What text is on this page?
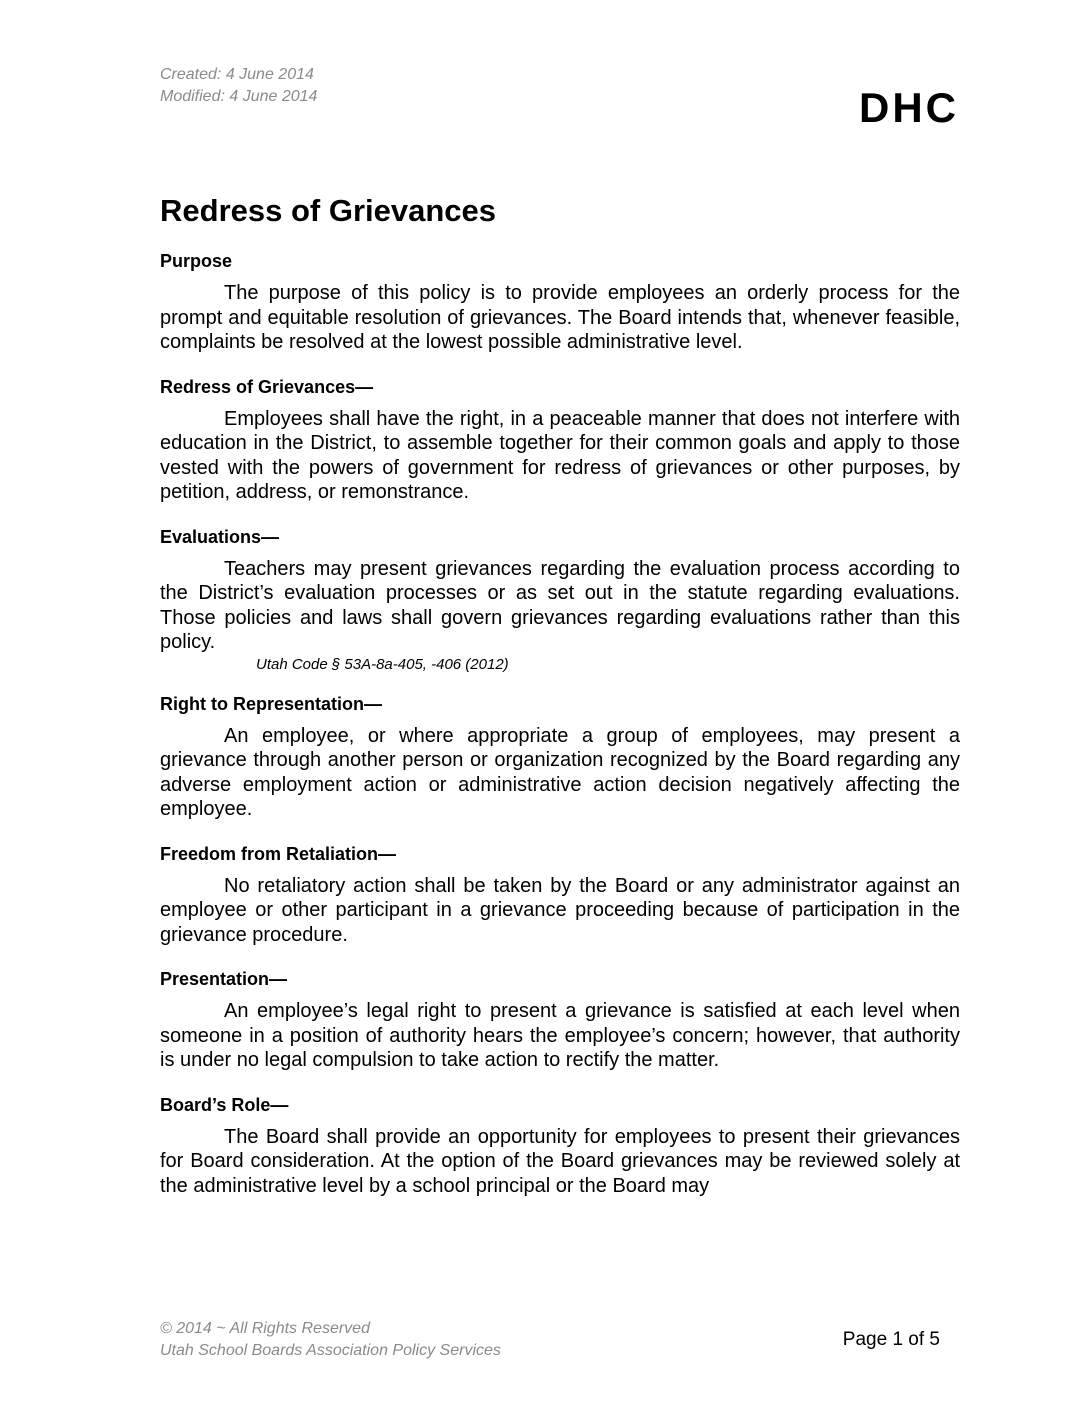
Created: 4 June 2014
Modified: 4 June 2014	DHC
Redress of Grievances
Purpose

The purpose of this policy is to provide employees an orderly process for the prompt and equitable resolution of grievances. The Board intends that, whenever feasible, complaints be resolved at the lowest possible administrative level.

Redress of Grievances—

Employees shall have the right, in a peaceable manner that does not interfere with education in the District, to assemble together for their common goals and apply to those vested with the powers of government for redress of grievances or other purposes, by petition, address, or remonstrance.

Evaluations—

Teachers may present grievances regarding the evaluation process according to the District’s evaluation processes or as set out in the statute regarding evaluations. Those policies and laws shall govern grievances regarding evaluations rather than this policy.

Utah Code § 53A-8a-405, -406 (2012)
Right to Representation—

An employee, or where appropriate a group of employees, may present a grievance through another person or organization recognized by the Board regarding any adverse employment action or administrative action decision negatively affecting the employee.

Freedom from Retaliation—

No retaliatory action shall be taken by the Board or any administrator against an employee or other participant in a grievance proceeding because of participation in the grievance procedure.

Presentation—

An employee’s legal right to present a grievance is satisfied at each level when someone in a position of authority hears the employee’s concern; however, that authority is under no legal compulsion to take action to rectify the matter.

Board’s Role—

The Board shall provide an opportunity for employees to present their grievances for Board consideration. At the option of the Board grievances may be reviewed solely at the administrative level by a school principal or the Board may

© 2014 ~ All Rights Reserved
Utah School Boards Association Policy Services
Page 1 of 5
